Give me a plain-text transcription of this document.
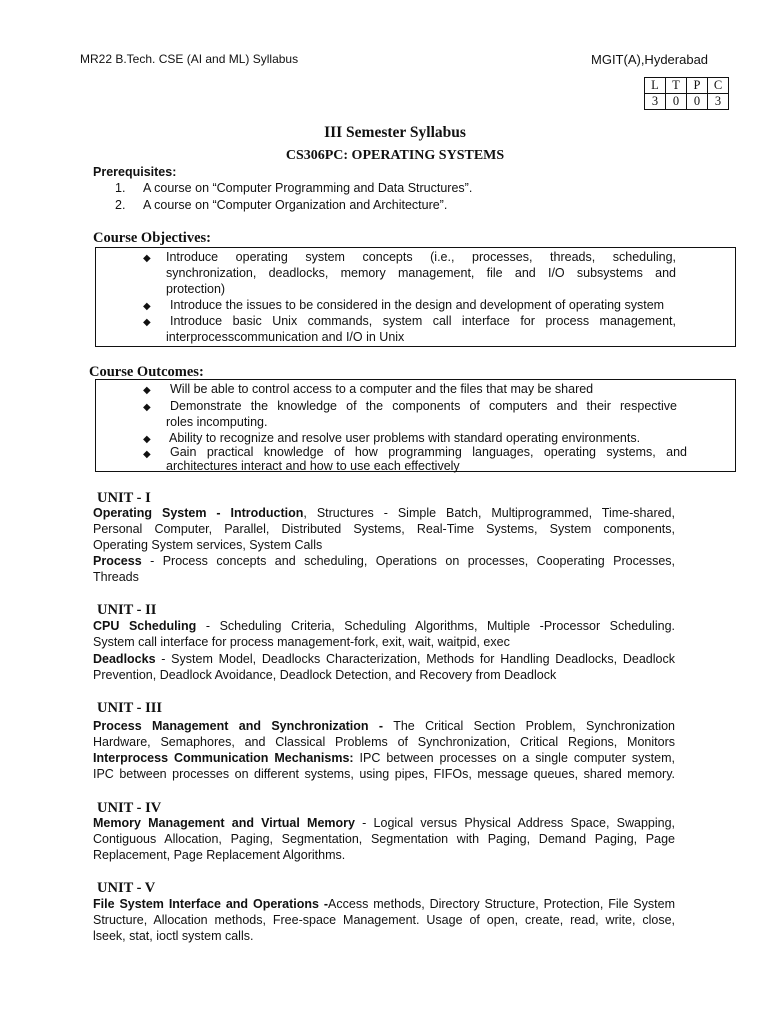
MR22 B.Tech. CSE (AI and ML) Syllabus	MGIT(A),Hyderabad
L	T	P	C
3	0	0	3
III Semester Syllabus
CS306PC: OPERATING SYSTEMS
Prerequisites:
1. A course on “Computer Programming and Data Structures”.
2. A course on “Computer Organization and Architecture”.
Course Objectives:
◆ Introduce operating system concepts (i.e., processes, threads, scheduling,
synchronization, deadlocks, memory management, file and I/O subsystems and
protection)
◆ Introduce the issues to be considered in the design and development of operating system
◆ Introduce basic Unix commands, system call interface for process management,
interprocesscommunication and I/O in Unix
Course Outcomes:
◆ Will be able to control access to a computer and the files that may be shared
◆ Demonstrate the knowledge of the components of computers and their respective
roles incomputing.
◆ Ability to recognize and resolve user problems with standard operating environments.
◆ Gain practical knowledge of how programming languages, operating systems, and
architectures interact and how to use each effectively
UNIT - I
Operating System - Introduction, Structures - Simple Batch, Multiprogrammed, Time-shared,
Personal Computer, Parallel, Distributed Systems, Real-Time Systems, System components,
Operating System services, System Calls
Process - Process concepts and scheduling, Operations on processes, Cooperating Processes,
Threads
UNIT - II
CPU Scheduling - Scheduling Criteria, Scheduling Algorithms, Multiple -Processor Scheduling.
System call interface for process management-fork, exit, wait, waitpid, exec
Deadlocks - System Model, Deadlocks Characterization, Methods for Handling Deadlocks, Deadlock
Prevention, Deadlock Avoidance, Deadlock Detection, and Recovery from Deadlock
UNIT - III
Process Management and Synchronization - The Critical Section Problem, Synchronization
Hardware, Semaphores, and Classical Problems of Synchronization, Critical Regions, Monitors
Interprocess Communication Mechanisms: IPC between processes on a single computer system,
IPC between processes on different systems, using pipes, FIFOs, message queues, shared memory.
UNIT - IV
Memory Management and Virtual Memory - Logical versus Physical Address Space, Swapping,
Contiguous Allocation, Paging, Segmentation, Segmentation with Paging, Demand Paging, Page
Replacement, Page Replacement Algorithms.
UNIT - V
File System Interface and Operations -Access methods, Directory Structure, Protection, File System
Structure, Allocation methods, Free-space Management. Usage of open, create, read, write, close,
lseek, stat, ioctl system calls.
